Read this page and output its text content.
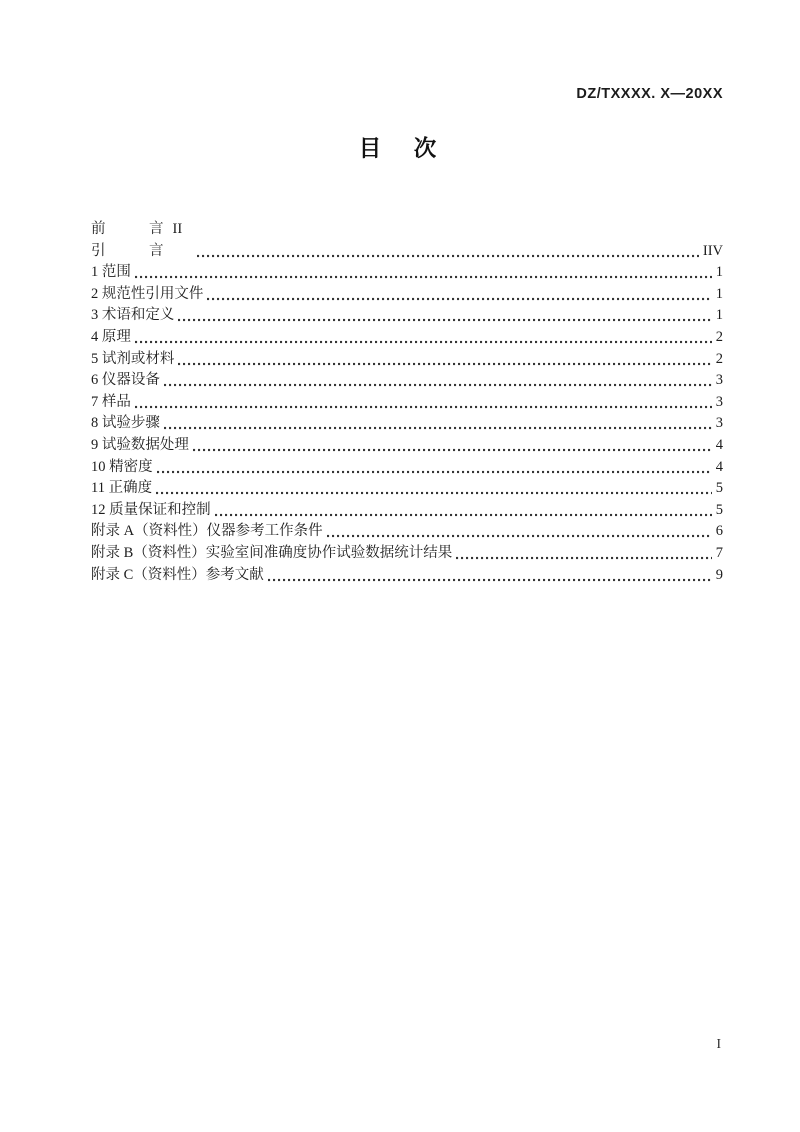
DZ/TXXXX. X—20XX
目　次
前　　　言 II
引　　　言　　	IIV
1 范围	1
2 规范性引用文件	1
3 术语和定义	1
4 原理	2
5 试剂或材料	2
6 仪器设备	3
7 样品	3
8 试验步骤	3
9 试验数据处理	4
10 精密度	4
11 正确度	5
12 质量保证和控制	5
附录 A（资料性）仪器参考工作条件	6
附录 B（资料性）实验室间准确度协作试验数据统计结果	7
附录 C（资料性）参考文献	9
I
